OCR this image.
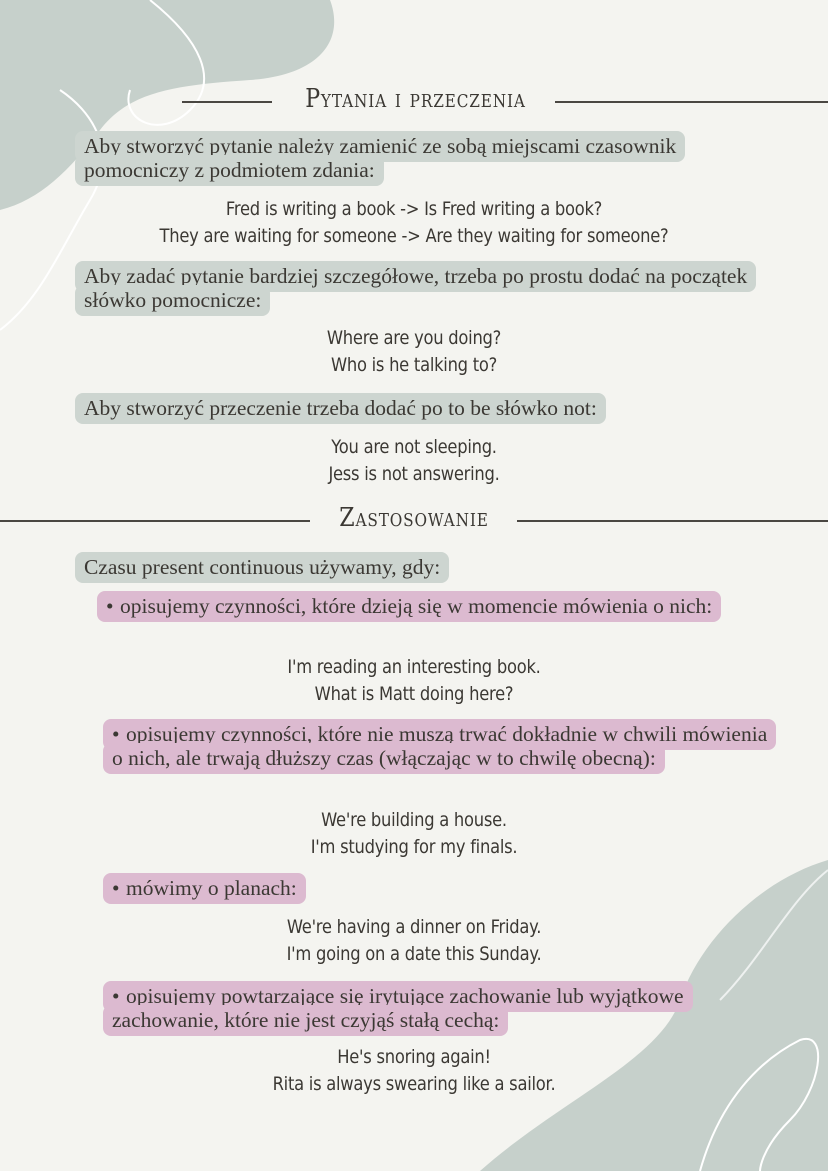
Pytania i przeczenia
Aby stworzyć pytanie należy zamienić ze sobą miejscami czasownik pomocniczy z podmiotem zdania:
Fred is writing a book -> Is Fred writing a book?
They are waiting for someone -> Are they waiting for someone?
Aby zadać pytanie bardziej szczegółowe, trzeba po prostu dodać na początek słówko pomocnicze:
Where are you doing?
Who is he talking to?
Aby stworzyć przeczenie trzeba dodać po to be słówko not:
You are not sleeping.
Jess is not answering.
Zastosowanie
Czasu present continuous używamy, gdy:
• opisujemy czynności, które dzieją się w momencie mówienia o nich:
I'm reading an interesting book.
What is Matt doing here?
• opisujemy czynności, które nie muszą trwać dokładnie w chwili mówienia o nich, ale trwają dłuższy czas (włączając w to chwilę obecną):
We're building a house.
I'm studying for my finals.
• mówimy o planach:
We're having a dinner on Friday.
I'm going on a date this Sunday.
• opisujemy powtarzające się irytujące zachowanie lub wyjątkowe zachowanie, które nie jest czyjąś stałą cechą:
He's snoring again!
Rita is always swearing like a sailor.
